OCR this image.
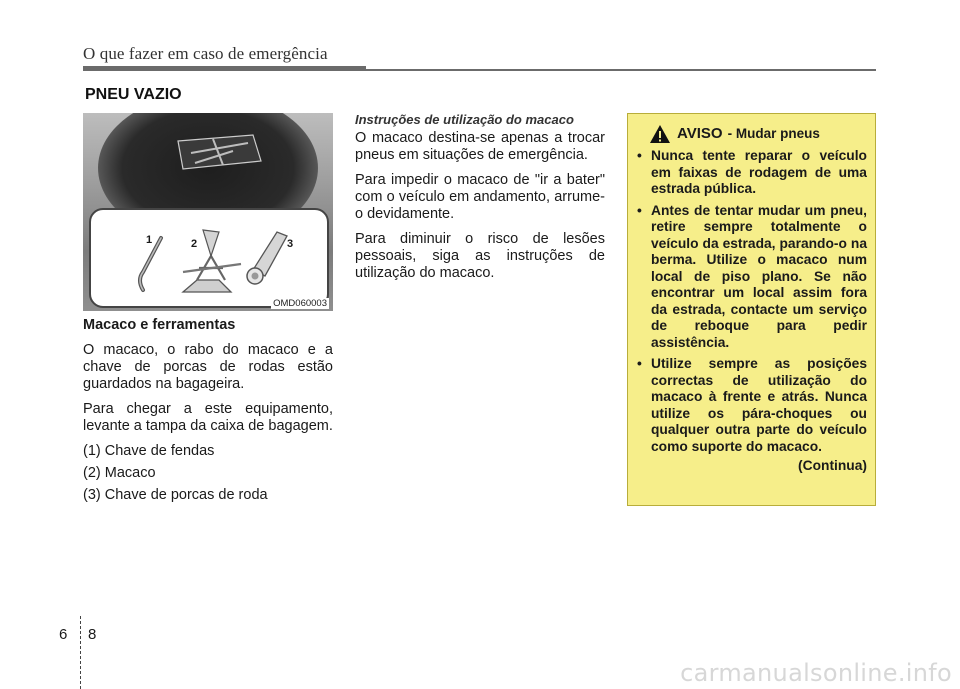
O que fazer em caso de emergência
PNEU VAZIO
1	2	3
OMD060003
Macaco e ferramentas

O macaco, o rabo do macaco e a chave de porcas de rodas estão guardados na bagageira.

Para chegar a este equipamento, levante a tampa da caixa de bagagem.

(1) Chave de fendas
(2) Macaco
(3) Chave de porcas de roda
Instruções de utilização do macaco

O macaco destina-se apenas a trocar pneus em situações de emergência.

Para impedir o macaco de "ir a bater" com o veículo em andamento, arrume-o devidamente.

Para diminuir o risco de lesões pessoais, siga as instruções de utilização do macaco.

AVISO - Mudar pneus
• Nunca tente reparar o veículo em faixas de rodagem de uma estrada pública.
• Antes de tentar mudar um pneu, retire sempre totalmente o veículo da estrada, parando-o na berma. Utilize o macaco num local de piso plano. Se não encontrar um local assim fora da estrada, contacte um serviço de reboque para pedir assistência.
• Utilize sempre as posições correctas de utilização do macaco à frente e atrás. Nunca utilize os pára-choques ou qualquer outra parte do veículo como suporte do macaco.
(Continua)
6 8
carmanualsonline.info
